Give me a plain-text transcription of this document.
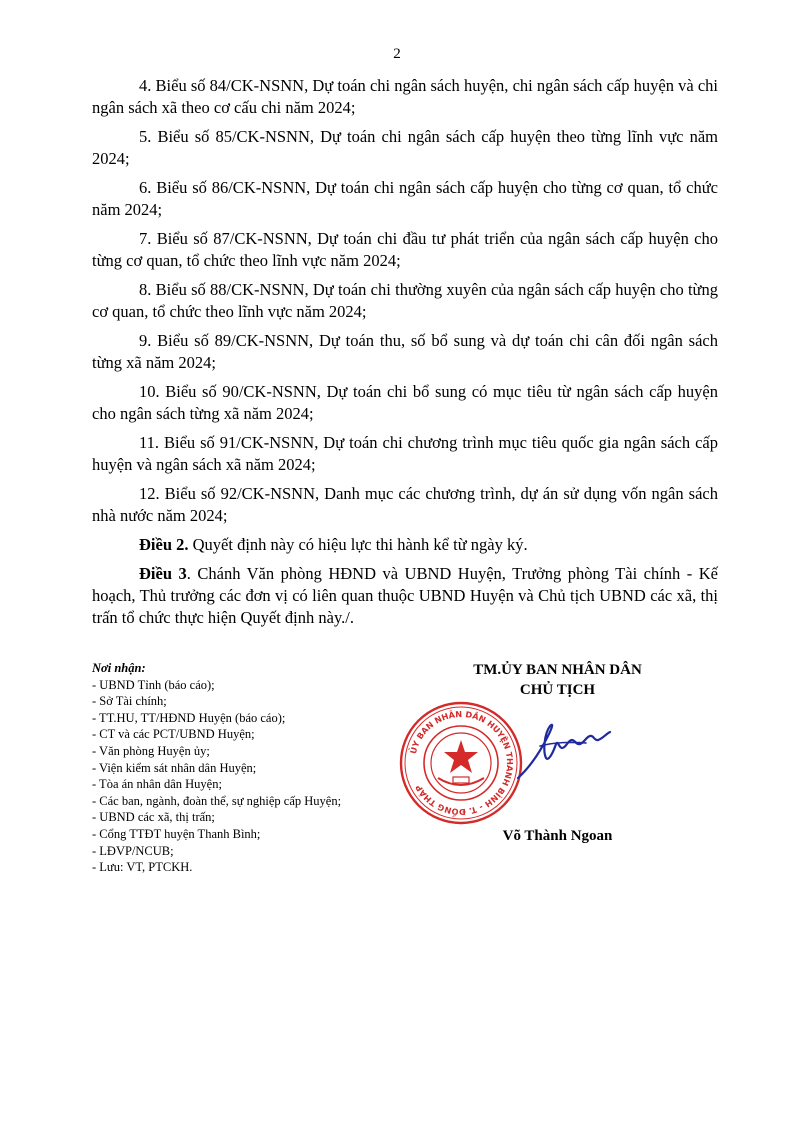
2

4. Biểu số 84/CK-NSNN, Dự toán chi ngân sách huyện, chi ngân sách cấp huyện và chi ngân sách xã theo cơ cấu chi năm 2024;

5. Biểu số 85/CK-NSNN, Dự toán chi ngân sách cấp huyện theo từng lĩnh vực năm 2024;

6. Biểu số 86/CK-NSNN, Dự toán chi ngân sách cấp huyện cho từng cơ quan, tổ chức năm 2024;

7. Biểu số 87/CK-NSNN, Dự toán chi đầu tư phát triển của ngân sách cấp huyện cho từng cơ quan, tổ chức theo lĩnh vực năm 2024;

8. Biểu số 88/CK-NSNN, Dự toán chi thường xuyên của ngân sách cấp huyện cho từng cơ quan, tổ chức theo lĩnh vực năm 2024;

9. Biểu số 89/CK-NSNN, Dự toán thu, số bổ sung và dự toán chi cân đối ngân sách từng xã năm 2024;

10. Biểu số 90/CK-NSNN, Dự toán chi bổ sung có mục tiêu từ ngân sách cấp huyện cho ngân sách từng xã năm 2024;

11. Biểu số 91/CK-NSNN, Dự toán chi chương trình mục tiêu quốc gia ngân sách cấp huyện và ngân sách xã năm 2024;

12. Biểu số 92/CK-NSNN, Danh mục các chương trình, dự án sử dụng vốn ngân sách nhà nước năm 2024;

Điều 2. Quyết định này có hiệu lực thi hành kể từ ngày ký.

Điều 3. Chánh Văn phòng HĐND và UBND Huyện, Trưởng phòng Tài chính - Kế hoạch, Thủ trưởng các đơn vị có liên quan thuộc UBND Huyện và Chủ tịch UBND các xã, thị trấn tổ chức thực hiện Quyết định này./.

Nơi nhận:
- UBND Tỉnh (báo cáo);
- Sở Tài chính;
- TT.HU, TT/HĐND Huyện (báo cáo);
- CT và các PCT/UBND Huyện;
- Văn phòng Huyện ủy;
- Viện kiểm sát nhân dân Huyện;
- Tòa án nhân dân Huyện;
- Các ban, ngành, đoàn thể, sự nghiệp cấp Huyện;
- UBND các xã, thị trấn;
- Cổng TTĐT huyện Thanh Bình;
- LĐVP/NCUB;
- Lưu: VT, PTCKH.
TM.ỦY BAN NHÂN DÂN
CHỦ TỊCH
ỦY BAN NHÂN DÂN HUYỆN THANH BÌNH - T. ĐỒNG THÁP
Võ Thành Ngoan
